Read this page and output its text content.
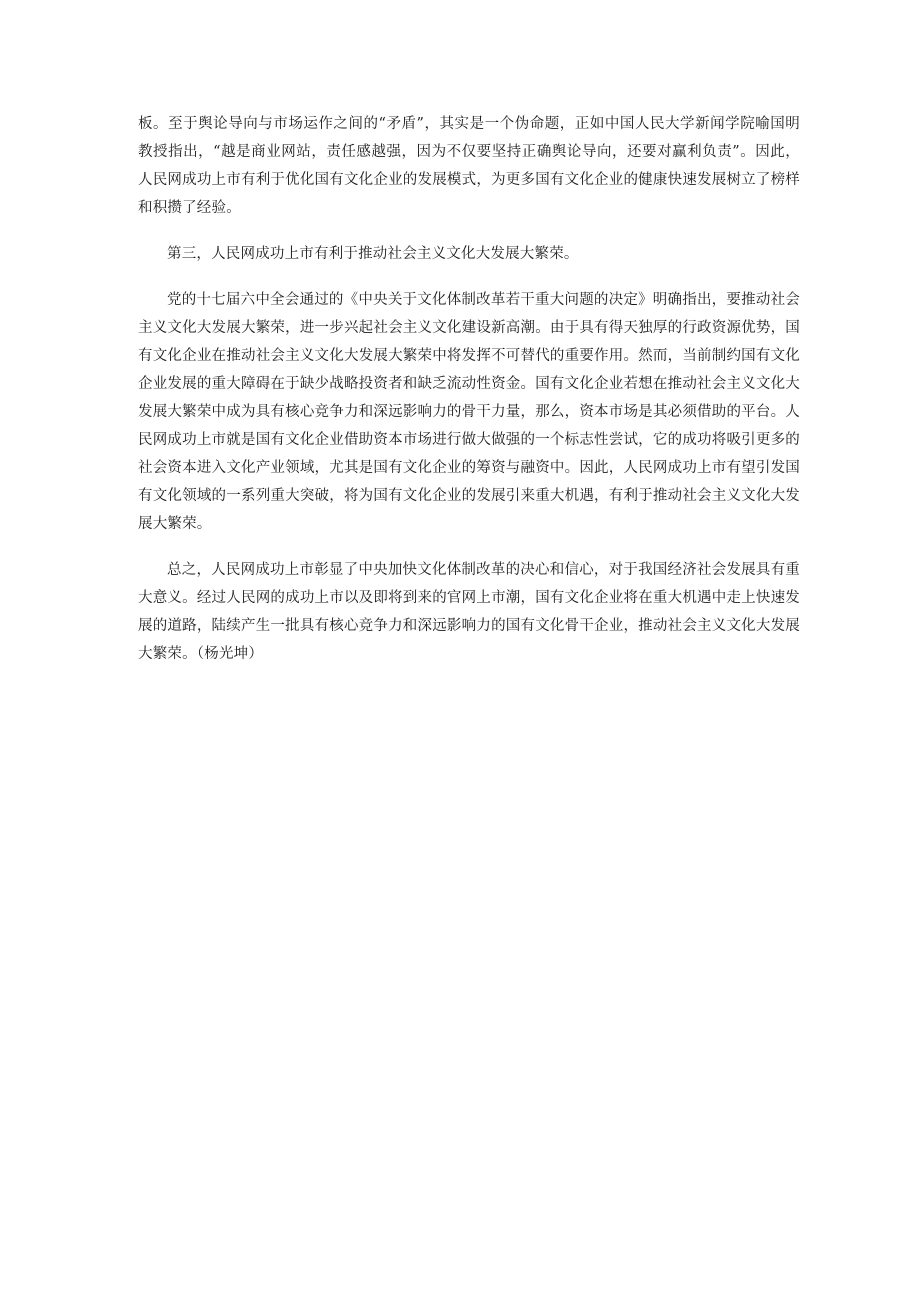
板。至于舆论导向与市场运作之间的“矛盾”，其实是一个伪命题，正如中国人民大学新闻学院喻国明教授指出，“越是商业网站，责任感越强，因为不仅要坚持正确舆论导向，还要对赢利负责”。因此，人民网成功上市有利于优化国有文化企业的发展模式，为更多国有文化企业的健康快速发展树立了榜样和积攒了经验。

第三，人民网成功上市有利于推动社会主义文化大发展大繁荣。

党的十七届六中全会通过的《中央关于文化体制改革若干重大问题的决定》明确指出，要推动社会主义文化大发展大繁荣，进一步兴起社会主义文化建设新高潮。由于具有得天独厚的行政资源优势，国有文化企业在推动社会主义文化大发展大繁荣中将发挥不可替代的重要作用。然而，当前制约国有文化企业发展的重大障碍在于缺少战略投资者和缺乏流动性资金。国有文化企业若想在推动社会主义文化大发展大繁荣中成为具有核心竞争力和深远影响力的骨干力量，那么，资本市场是其必须借助的平台。人民网成功上市就是国有文化企业借助资本市场进行做大做强的一个标志性尝试，它的成功将吸引更多的社会资本进入文化产业领域，尤其是国有文化企业的筹资与融资中。因此，人民网成功上市有望引发国有文化领域的一系列重大突破，将为国有文化企业的发展引来重大机遇，有利于推动社会主义文化大发展大繁荣。

总之，人民网成功上市彰显了中央加快文化体制改革的决心和信心，对于我国经济社会发展具有重大意义。经过人民网的成功上市以及即将到来的官网上市潮，国有文化企业将在重大机遇中走上快速发展的道路，陆续产生一批具有核心竞争力和深远影响力的国有文化骨干企业，推动社会主义文化大发展大繁荣。（杨光坤）
